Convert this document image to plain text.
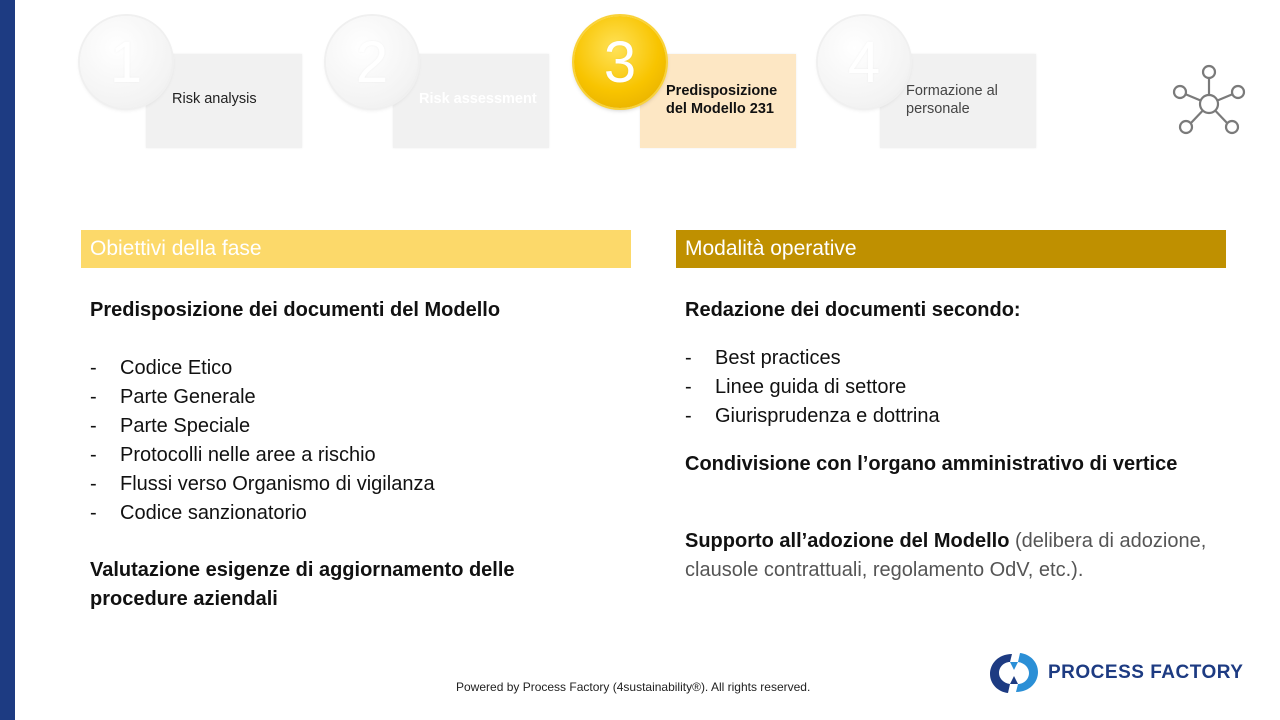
1
Risk analysis
2
Risk assessment
3 Predisposizione del Modello 231
4 Formazione al personale
Obiettivi della fase
Predisposizione dei documenti del Modello
- Codice Etico
- Parte Generale
- Parte Speciale
- Protocolli nelle aree a rischio
- Flussi verso Organismo di vigilanza
- Codice sanzionatorio
Valutazione esigenze di aggiornamento delle procedure aziendali
Modalità operative
Redazione dei documenti secondo:
- Best practices
- Linee guida di settore
- Giurisprudenza e dottrina
Condivisione con l’organo amministrativo di vertice
Supporto all’adozione del Modello (delibera di adozione, clausole contrattuali, regolamento OdV, etc.).
Powered by Process Factory (4sustainability®). All rights reserved.
PROCESS FACTORY
